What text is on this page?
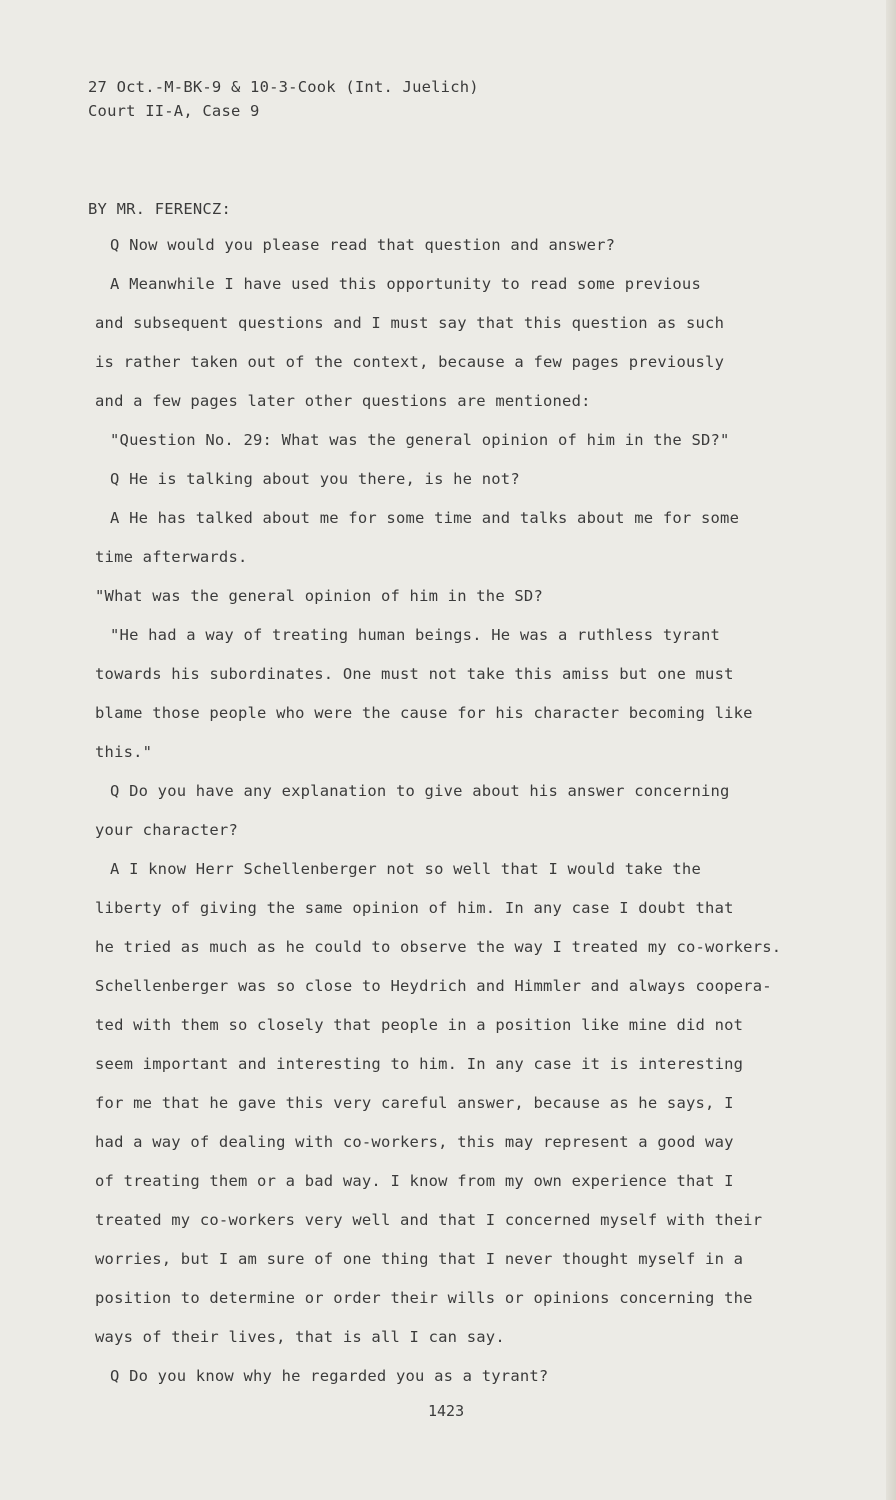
27 Oct.-M-BK-9 & 10-3-Cook (Int. Juelich)

Court II-A, Case 9

BY MR. FERENCZ:

Q Now would you please read that question and answer?

A Meanwhile I have used this opportunity to read some previous

and subsequent questions and I must say that this question as such

is rather taken out of the context, because a few pages previously

and a few pages later other questions are mentioned:

"Question No. 29: What was the general opinion of him in the SD?"

Q He is talking about you there, is he not?

A He has talked about me for some time and talks about me for some

time afterwards.

"What was the general opinion of him in the SD?

"He had a way of treating human beings. He was a ruthless tyrant

towards his subordinates. One must not take this amiss but one must

blame those people who were the cause for his character becoming like

this."

Q Do you have any explanation to give about his answer concerning

your character?

A I know Herr Schellenberger not so well that I would take the

liberty of giving the same opinion of him. In any case I doubt that

he tried as much as he could to observe the way I treated my co-workers.

Schellenberger was so close to Heydrich and Himmler and always coopera-

ted with them so closely that people in a position like mine did not

seem important and interesting to him. In any case it is interesting

for me that he gave this very careful answer, because as he says, I

had a way of dealing with co-workers, this may represent a good way

of treating them or a bad way. I know from my own experience that I

treated my co-workers very well and that I concerned myself with their

worries, but I am sure of one thing that I never thought myself in a

position to determine or order their wills or opinions concerning the

ways of their lives, that is all I can say.

Q Do you know why he regarded you as a tyrant?

1423
